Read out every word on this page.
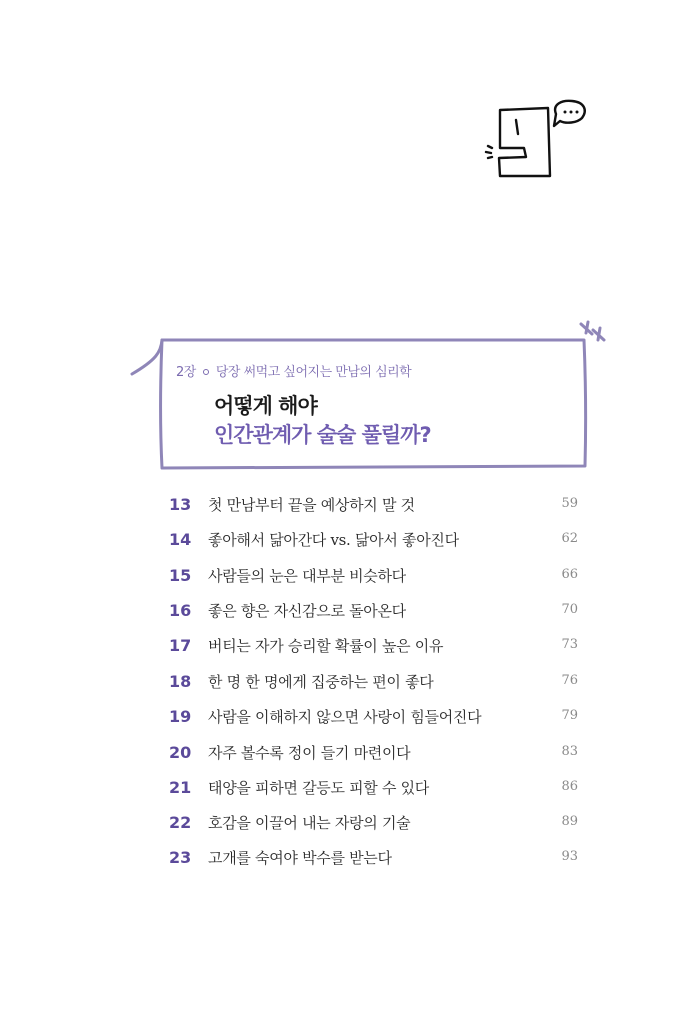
2장 당장 써먹고 싶어지는 만남의 심리학
어떻게 해야
인간관계가 술술 풀릴까?
13	첫 만남부터 끝을 예상하지 말 것	59
14	좋아해서 닮아간다 vs. 닮아서 좋아진다	62
15	사람들의 눈은 대부분 비슷하다	66
16	좋은 향은 자신감으로 돌아온다	70
17	버티는 자가 승리할 확률이 높은 이유	73
18	한 명 한 명에게 집중하는 편이 좋다	76
19	사람을 이해하지 않으면 사랑이 힘들어진다	79
20	자주 볼수록 정이 들기 마련이다	83
21	태양을 피하면 갈등도 피할 수 있다	86
22	호감을 이끌어 내는 자랑의 기술	89
23	고개를 숙여야 박수를 받는다	93
